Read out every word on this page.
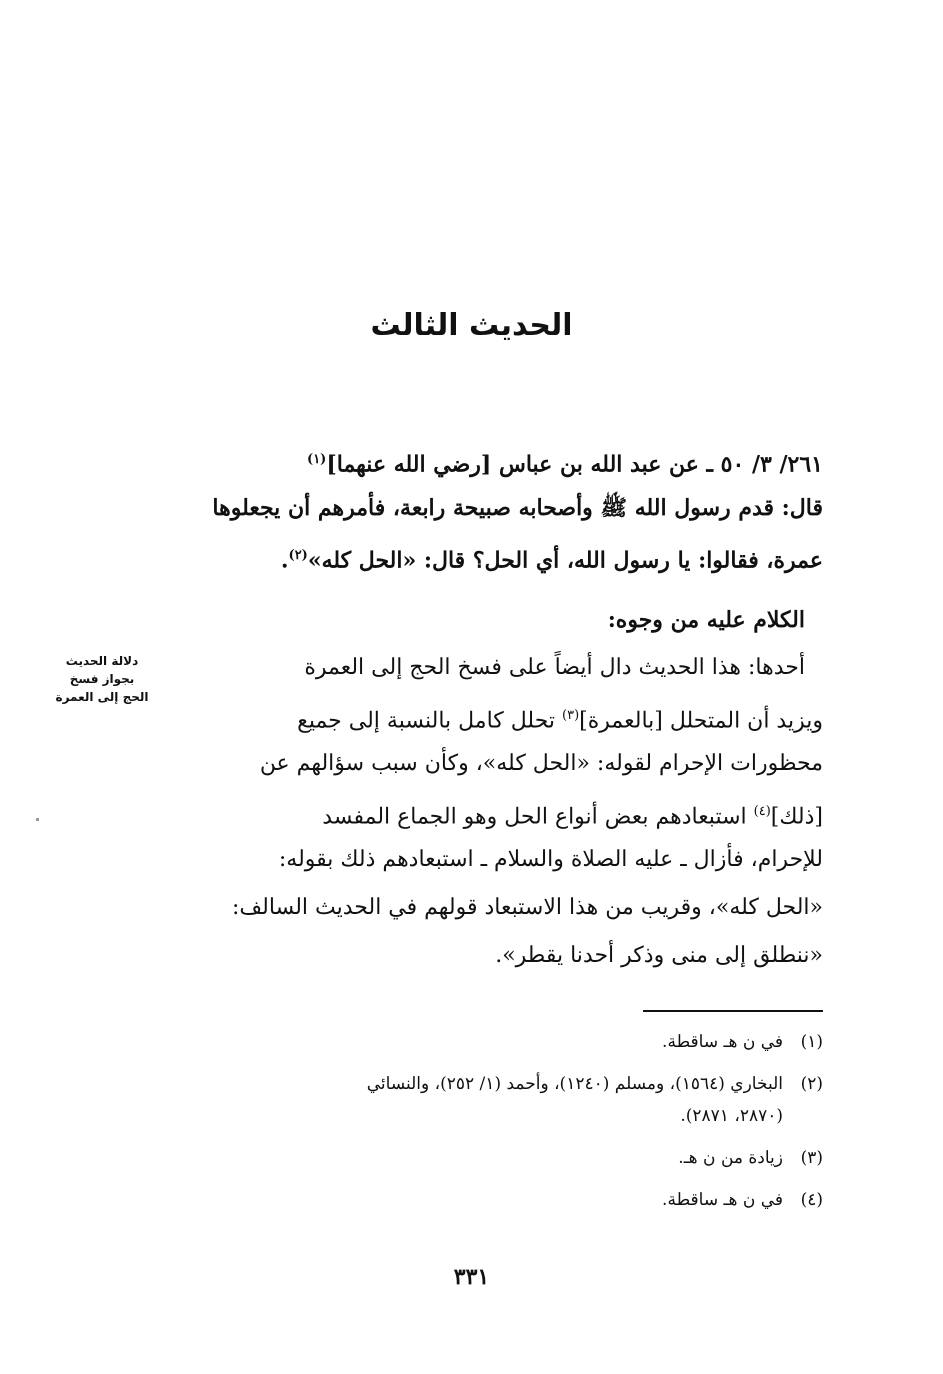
الحديث الثالث
٢٦١/ ٣/ ٥٠ ـ عن عبد الله بن عباس [رضي الله عنهما]$^{(١)}$
قال: قدم رسول الله ﷺ وأصحابه صبيحة رابعة، فأمرهم أن يجعلوها
عمرة، فقالوا: يا رسول الله، أي الحل؟ قال: «الحل كله»$^{(٢)}$.
الكلام عليه من وجوه:
أحدها: هذا الحديث دال أيضاً على فسخ الحج إلى العمرة
ويزيد أن المتحلل [بالعمرة]$^{(٣)}$ تحلل كامل بالنسبة إلى جميع
محظورات الإحرام لقوله: «الحل كله»، وكأن سبب سؤالهم عن
[ذلك]$^{(٤)}$ استبعادهم بعض أنواع الحل وهو الجماع المفسد
للإحرام، فأزال ـ عليه الصلاة والسلام ـ استبعادهم ذلك بقوله:
«الحل كله»، وقريب من هذا الاستبعاد قولهم في الحديث السالف:
«ننطلق إلى منى وذكر أحدنا يقطر».
دلالة الحديث
بجواز فسخ
الحج إلى العمرة
(١)في ن هـ ساقطة.
(٢)البخاري (١٥٦٤)، ومسلم (١٢٤٠)، وأحمد (١/ ٢٥٢)، والنسائي
(٢٨٧٠، ٢٨٧١).
(٣)زيادة من ن هـ.
(٤)في ن هـ ساقطة.
٣٣١
